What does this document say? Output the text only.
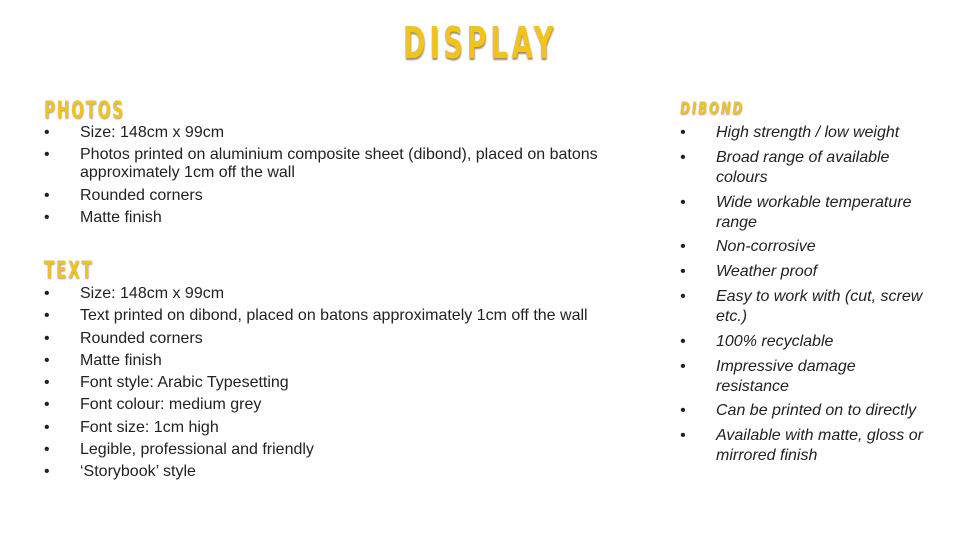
DISPLAY
PHOTOS
• Size: 148cm x 99cm
• Photos printed on aluminium composite sheet (dibond), placed on batons approximately 1cm off the wall
• Rounded corners
• Matte finish
TEXT
• Size: 148cm x 99cm
• Text printed on dibond, placed on batons approximately 1cm off the wall
• Rounded corners
• Matte finish
• Font style: Arabic Typesetting
• Font colour: medium grey
• Font size: 1cm high
• Legible, professional and friendly
• ‘Storybook’ style
DIBOND
• High strength / low weight
• Broad range of available colours
• Wide workable temperature range
• Non-corrosive
• Weather proof
• Easy to work with (cut, screw etc.)
• 100% recyclable
• Impressive damage resistance
• Can be printed on to directly
• Available with matte, gloss or mirrored finish
